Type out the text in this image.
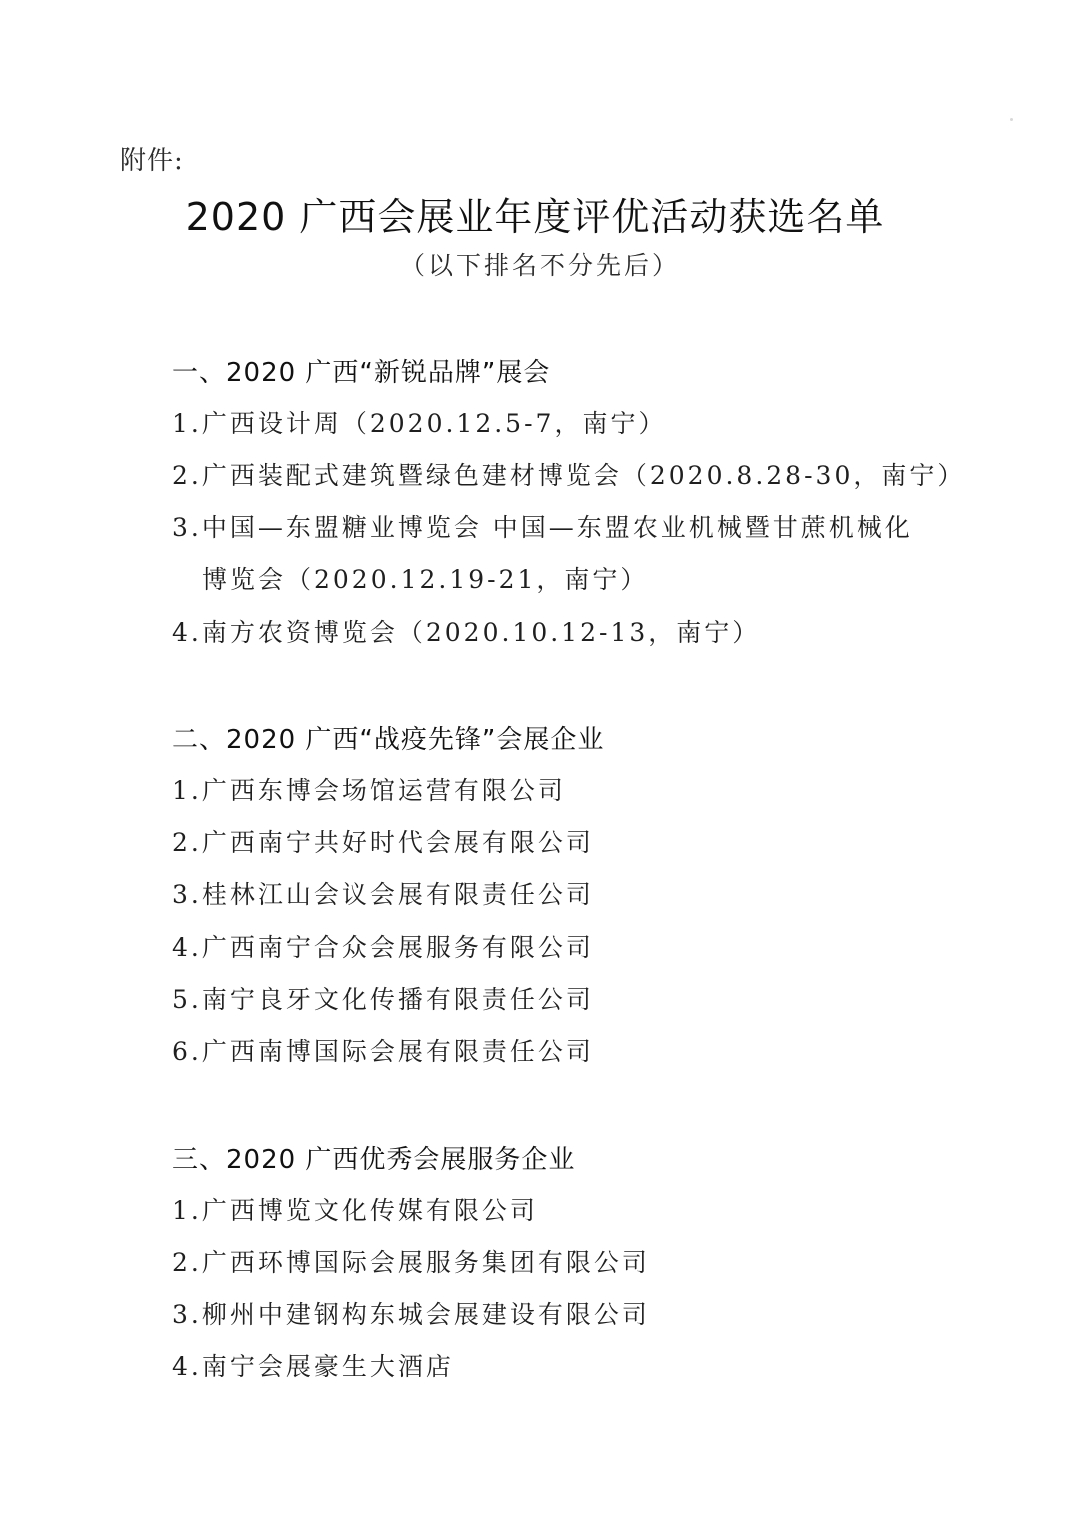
附件:
2020 广西会展业年度评优活动获选名单
（以下排名不分先后）
一、2020 广西“新锐品牌”展会
1.广西设计周（2020.12.5-7，南宁）
2.广西装配式建筑暨绿色建材博览会（2020.8.28-30，南宁）
3.中国—东盟糖业博览会 中国—东盟农业机械暨甘蔗机械化
博览会（2020.12.19-21，南宁）
4.南方农资博览会（2020.10.12-13，南宁）
二、2020 广西“战疫先锋”会展企业
1.广西东博会场馆运营有限公司
2.广西南宁共好时代会展有限公司
3.桂林江山会议会展有限责任公司
4.广西南宁合众会展服务有限公司
5.南宁良牙文化传播有限责任公司
6.广西南博国际会展有限责任公司
三、2020 广西优秀会展服务企业
1.广西博览文化传媒有限公司
2.广西环博国际会展服务集团有限公司
3.柳州中建钢构东城会展建设有限公司
4.南宁会展豪生大酒店
